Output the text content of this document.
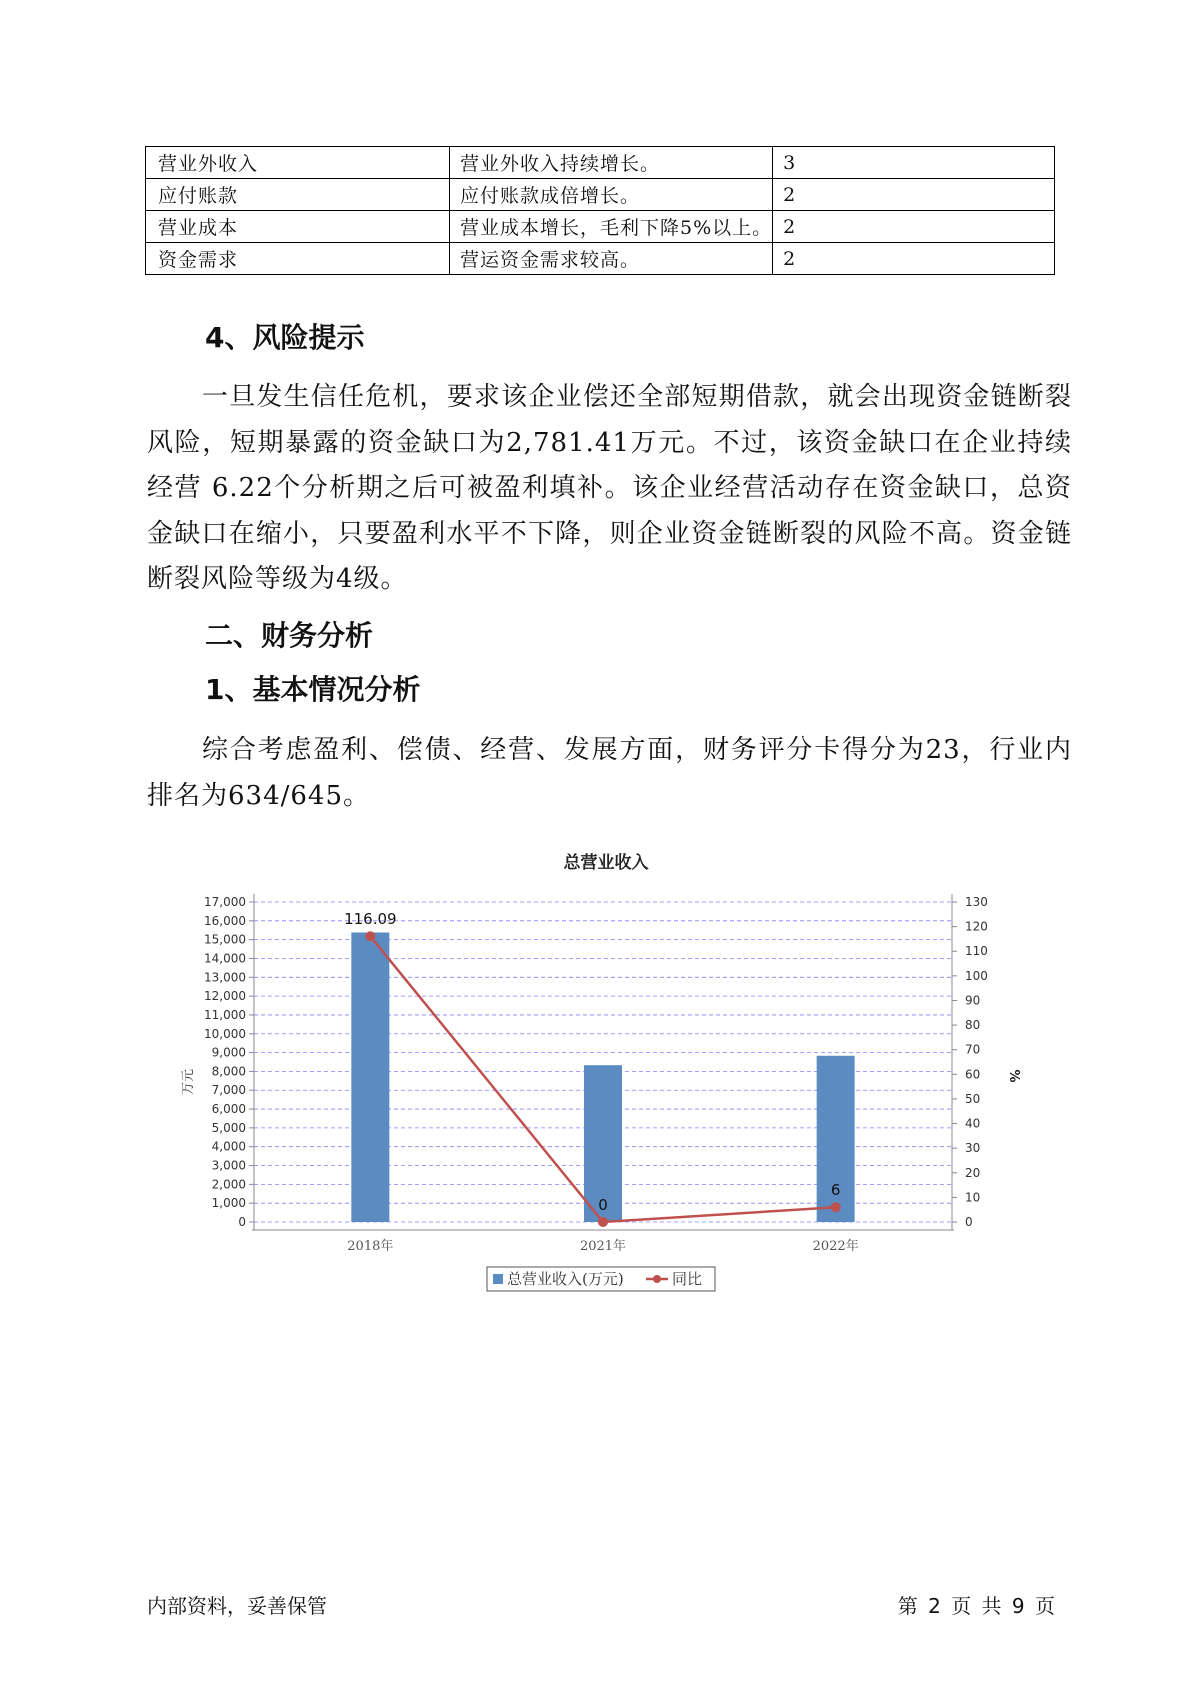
营业外收入	营业外收入持续增长。	3
应付账款	应付账款成倍增长。	2
营业成本	营业成本增长，毛利下降5%以上。	2
资金需求	营运资金需求较高。	2
4、风险提示

一旦发生信任危机，要求该企业偿还全部短期借款，就会出现资金链断裂风险，短期暴露的资金缺口为2,781.41万元。不过，该资金缺口在企业持续经营 6.22个分析期之后可被盈利填补。该企业经营活动存在资金缺口，总资金缺口在缩小，只要盈利水平不下降，则企业资金链断裂的风险不高。资金链断裂风险等级为4级。

二、财务分析
1、基本情况分析

综合考虑盈利、偿债、经营、发展方面，财务评分卡得分为23，行业内排名为634/645。

总营业收入
0
1,000
2,000
3,000
4,000
5,000
6,000
7,000
8,000
9,000
10,000
11,000
12,000
13,000
14,000
15,000
16,000
17,000
0
10
20
30
40
50
60
70
80
90
100
110
120
130
万元	%
2018年	2021年	2022年
116.09
0
6
总营业收入(万元)	同比
内部资料，妥善保管	第 2 页 共 9 页
